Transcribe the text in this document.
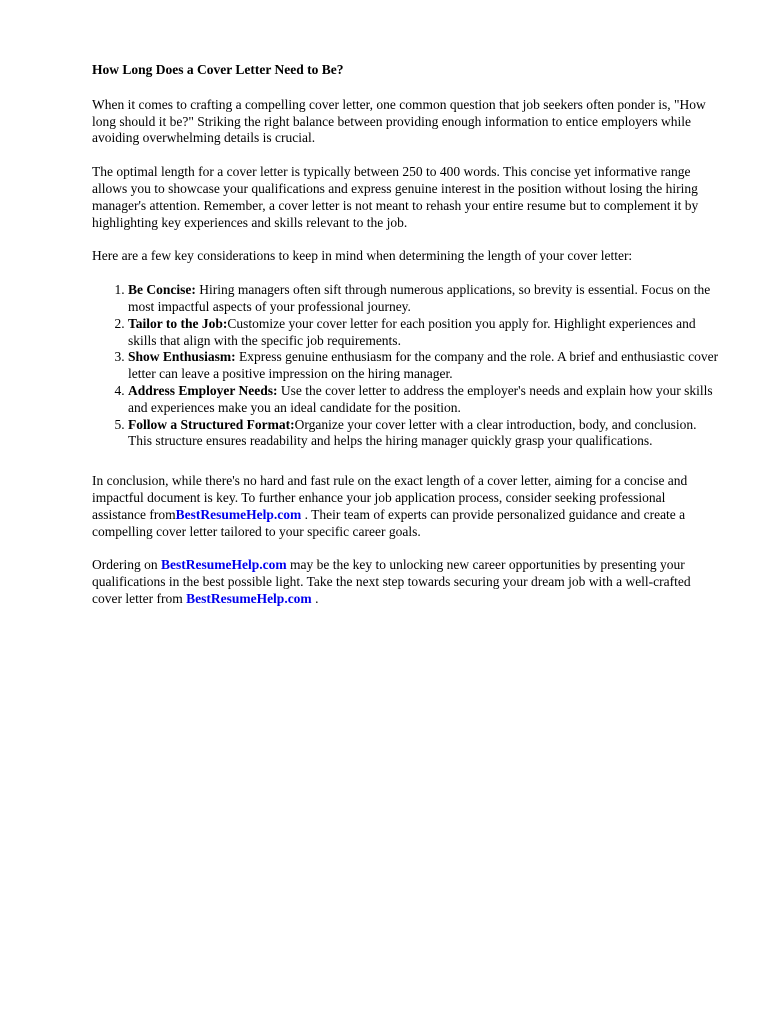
How Long Does a Cover Letter Need to Be?

When it comes to crafting a compelling cover letter, one common question that job seekers often ponder is, "How long should it be?" Striking the right balance between providing enough information to entice employers while avoiding overwhelming details is crucial.

The optimal length for a cover letter is typically between 250 to 400 words. This concise yet informative range allows you to showcase your qualifications and express genuine interest in the position without losing the hiring manager's attention. Remember, a cover letter is not meant to rehash your entire resume but to complement it by highlighting key experiences and skills relevant to the job.

Here are a few key considerations to keep in mind when determining the length of your cover letter:

1. Be Concise: Hiring managers often sift through numerous applications, so brevity is essential. Focus on the most impactful aspects of your professional journey.
2. Tailor to the Job:Customize your cover letter for each position you apply for. Highlight experiences and skills that align with the specific job requirements.
3. Show Enthusiasm: Express genuine enthusiasm for the company and the role. A brief and enthusiastic cover letter can leave a positive impression on the hiring manager.
4. Address Employer Needs: Use the cover letter to address the employer's needs and explain how your skills and experiences make you an ideal candidate for the position.
5. Follow a Structured Format:Organize your cover letter with a clear introduction, body, and conclusion. This structure ensures readability and helps the hiring manager quickly grasp your qualifications.

In conclusion, while there's no hard and fast rule on the exact length of a cover letter, aiming for a concise and impactful document is key. To further enhance your job application process, consider seeking professional assistance fromBestResumeHelp.com . Their team of experts can provide personalized guidance and create a compelling cover letter tailored to your specific career goals.

Ordering on BestResumeHelp.com may be the key to unlocking new career opportunities by presenting your qualifications in the best possible light. Take the next step towards securing your dream job with a well-crafted cover letter from BestResumeHelp.com .
